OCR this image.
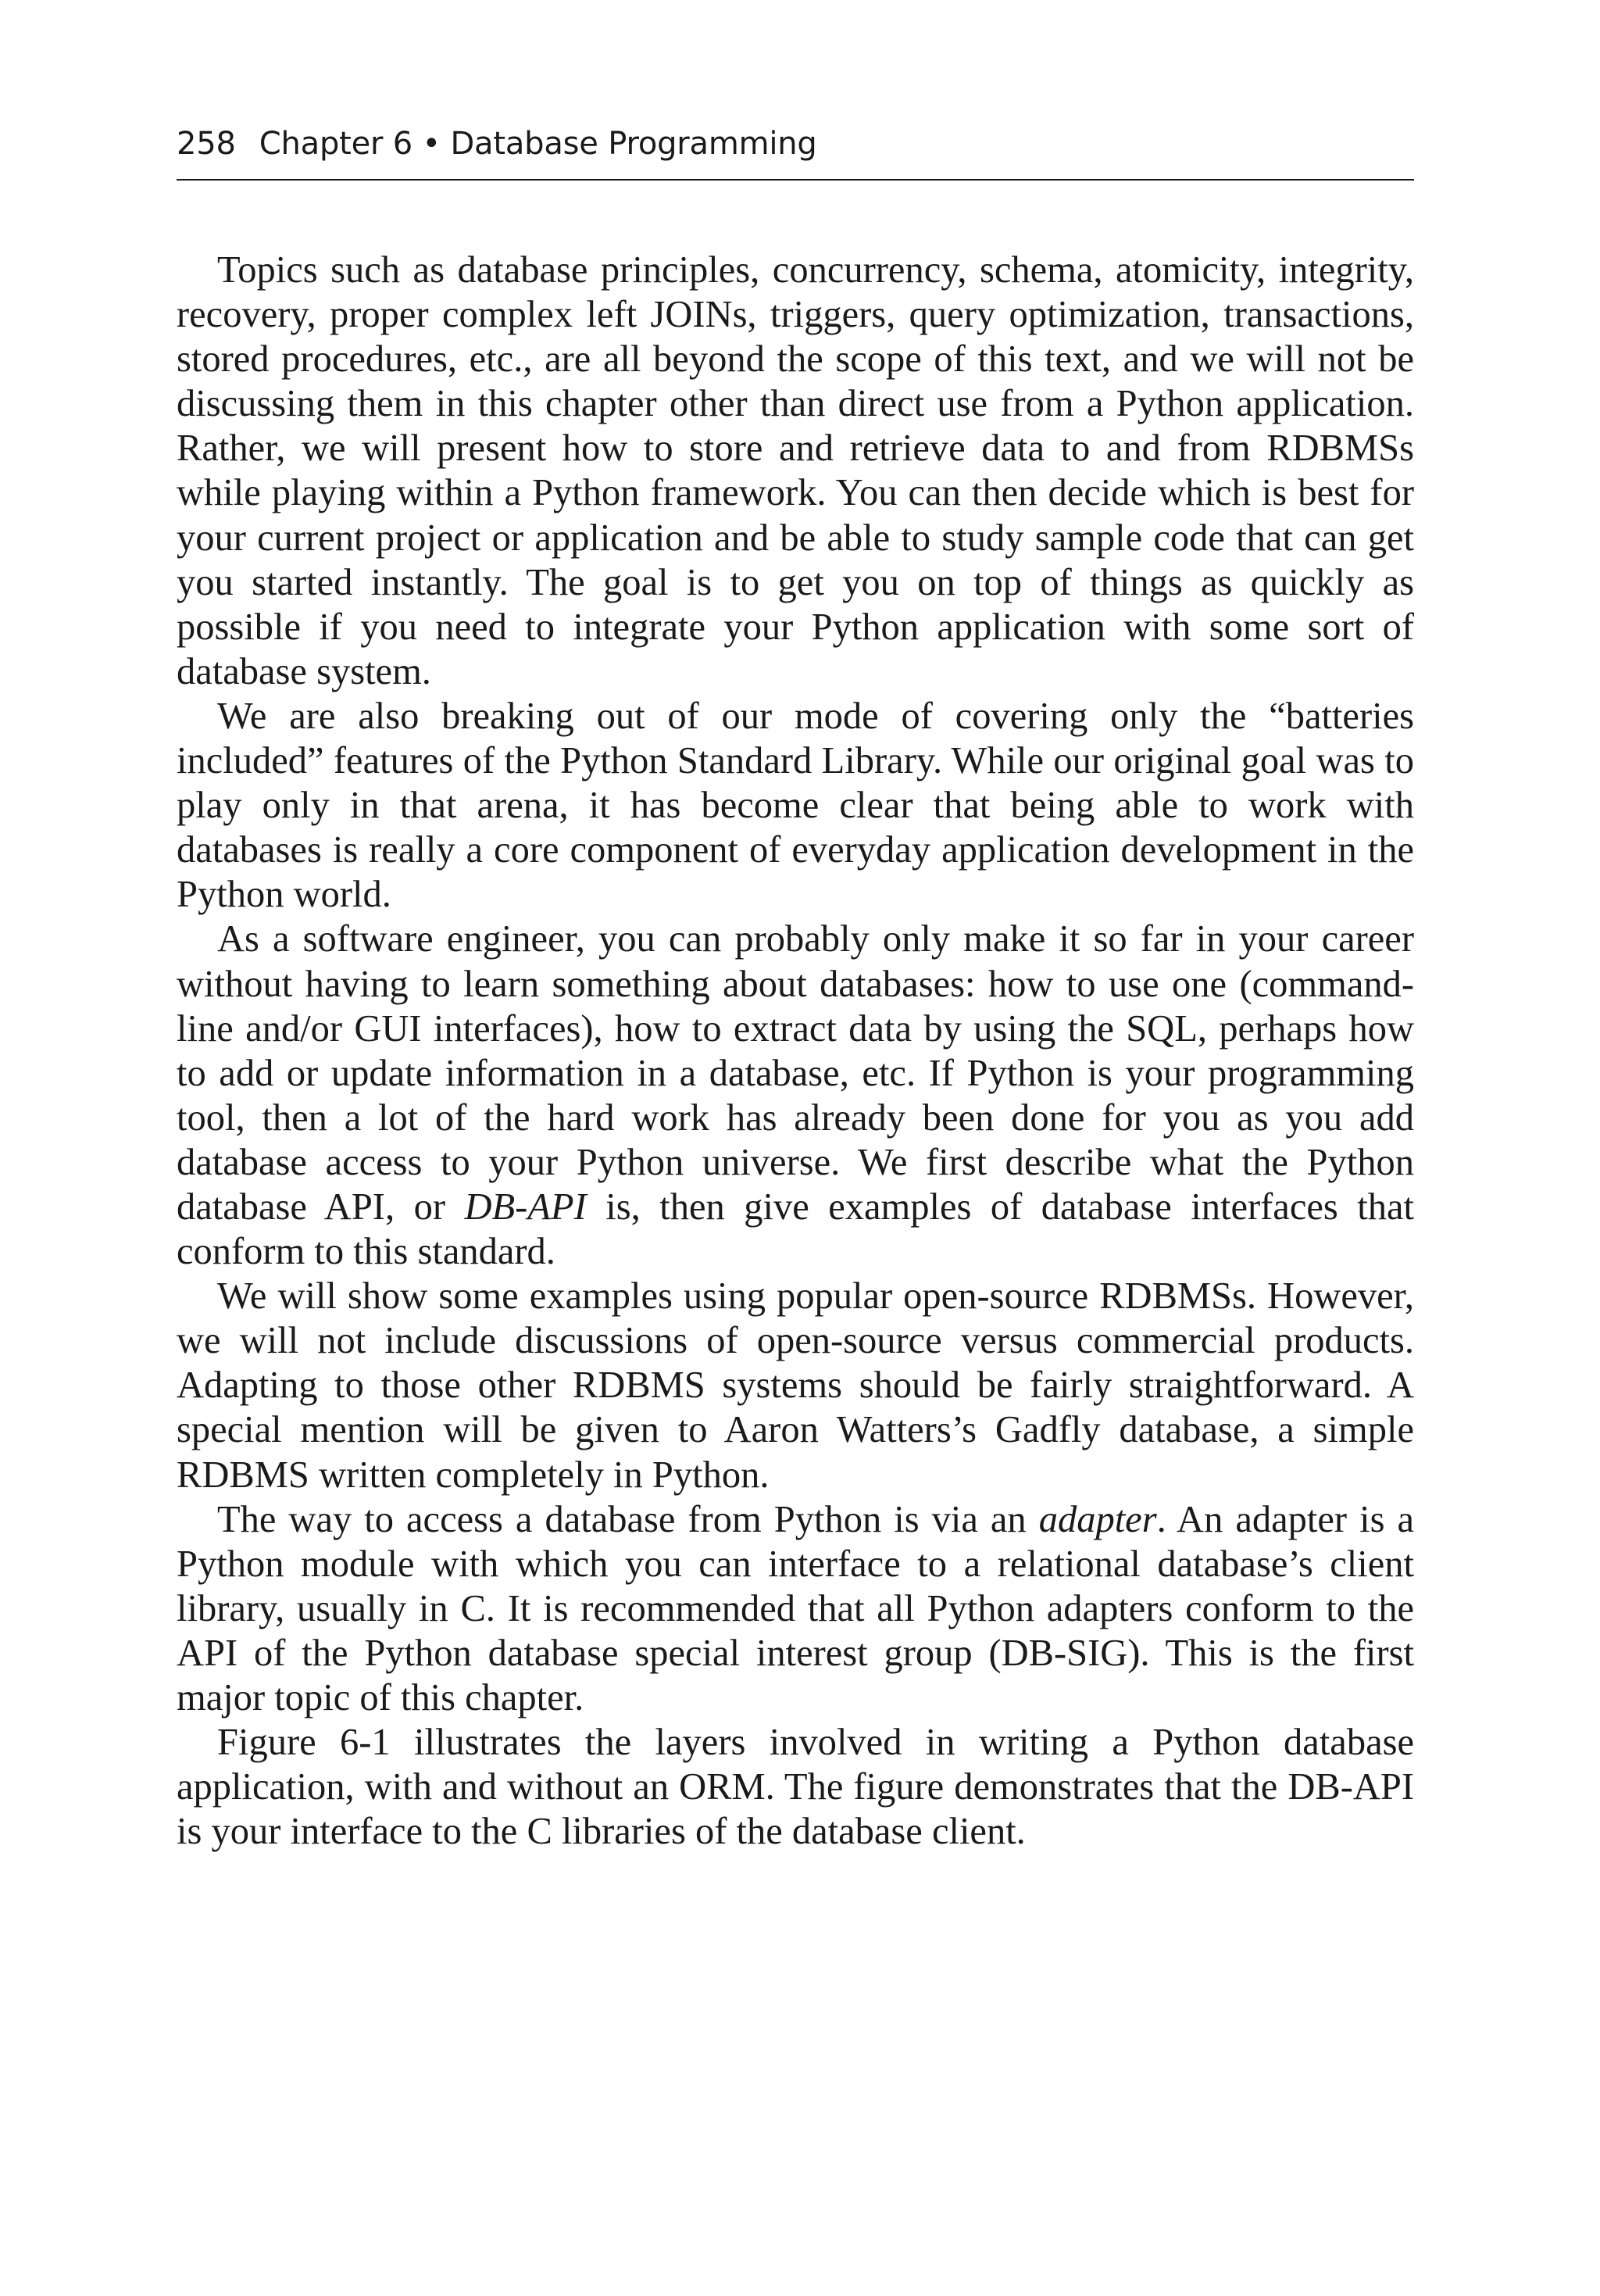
258 Chapter 6 • Database Programming

Topics such as database principles, concurrency, schema, atomicity, integrity, recovery, proper complex left JOINs, triggers, query optimization, transactions, stored procedures, etc., are all beyond the scope of this text, and we will not be discussing them in this chapter other than direct use from a Python application. Rather, we will present how to store and retrieve data to and from RDBMSs while playing within a Python framework. You can then decide which is best for your current project or application and be able to study sample code that can get you started instantly. The goal is to get you on top of things as quickly as possible if you need to integrate your Python application with some sort of database system.

We are also breaking out of our mode of covering only the “batteries included” features of the Python Standard Library. While our original goal was to play only in that arena, it has become clear that being able to work with databases is really a core component of everyday application development in the Python world.

As a software engineer, you can probably only make it so far in your career without having to learn something about databases: how to use one (command-line and/or GUI interfaces), how to extract data by using the SQL, perhaps how to add or update information in a database, etc. If Python is your programming tool, then a lot of the hard work has already been done for you as you add database access to your Python universe. We first describe what the Python database API, or DB-API is, then give examples of database interfaces that conform to this standard.

We will show some examples using popular open-source RDBMSs. However, we will not include discussions of open-source versus commercial products. Adapting to those other RDBMS systems should be fairly straightforward. A special mention will be given to Aaron Watters’s Gadfly database, a simple RDBMS written completely in Python.

The way to access a database from Python is via an adapter. An adapter is a Python module with which you can interface to a relational database’s client library, usually in C. It is recommended that all Python adapters conform to the API of the Python database special interest group (DB-SIG). This is the first major topic of this chapter.

Figure 6-1 illustrates the layers involved in writing a Python database application, with and without an ORM. The figure demonstrates that the DB-API is your interface to the C libraries of the database client.
